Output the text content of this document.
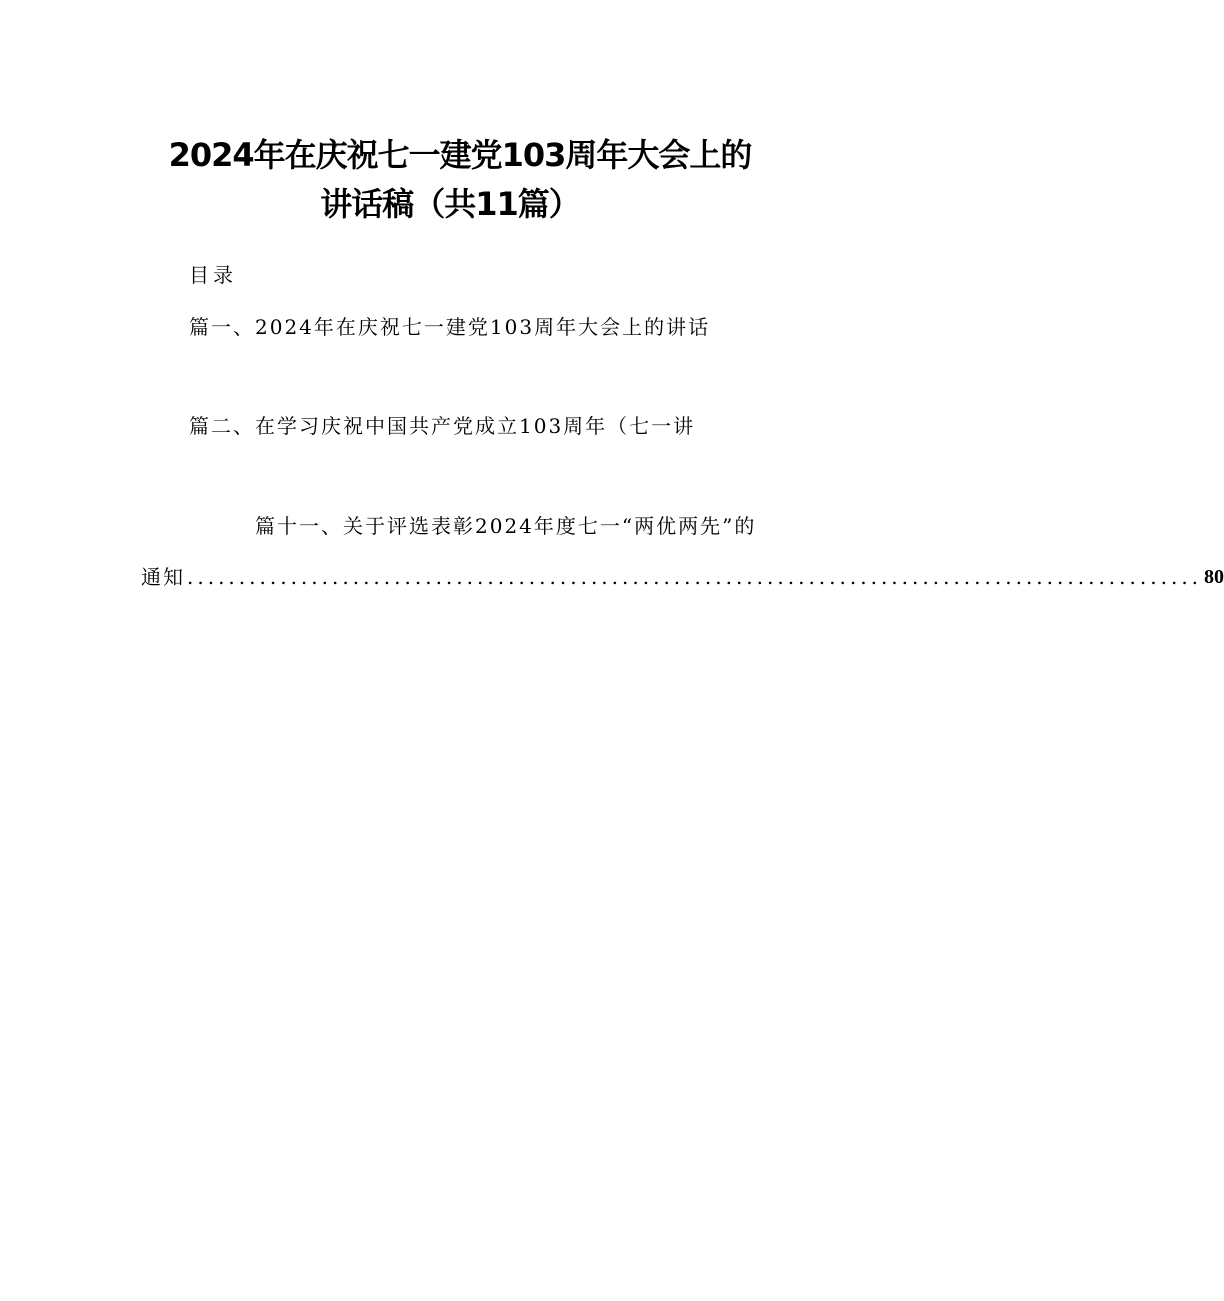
2024年在庆祝七一建党103周年大会上的
讲话稿（共11篇）
目录
篇一、2024年在庆祝七一建党103周年大会上的讲话
篇二、在学习庆祝中国共产党成立103周年（七一讲
篇十一、关于评选表彰2024年度七一“两优两先”的
通知 .................................................................................................. 80
